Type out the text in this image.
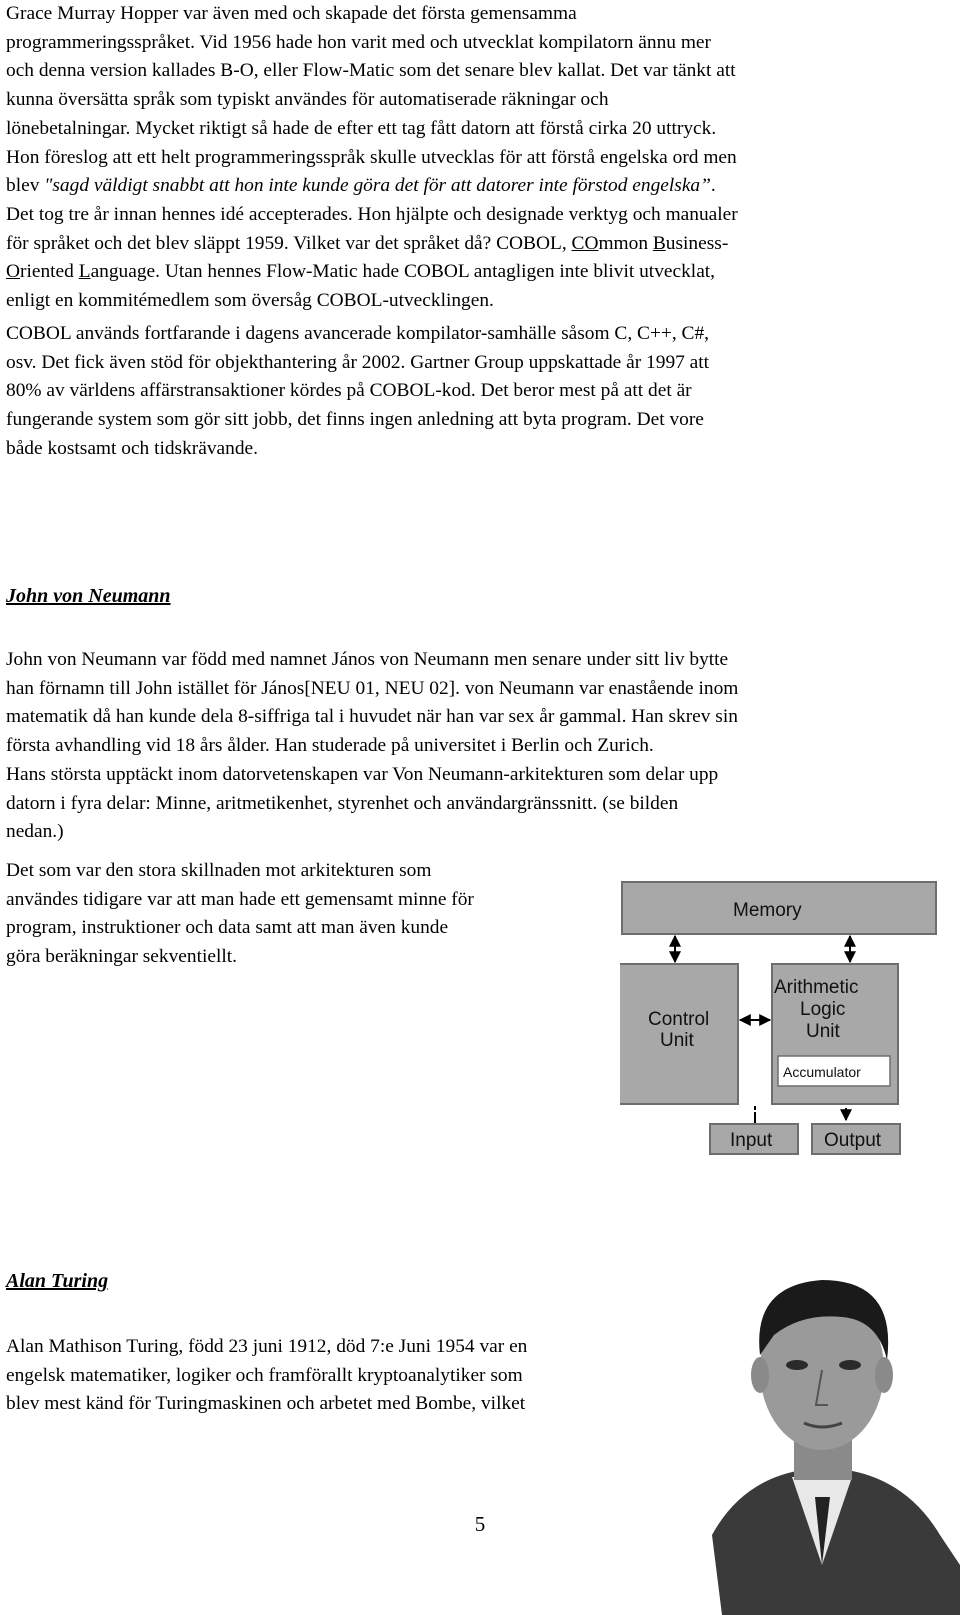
Grace Murray Hopper var även med och skapade det första gemensamma
programmeringsspråket. Vid 1956 hade hon varit med och utvecklat kompilatorn ännu mer
och denna version kallades B-O, eller Flow-Matic som det senare blev kallat. Det var tänkt att
kunna översätta språk som typiskt användes för automatiserade räkningar och
lönebetalningar. Mycket riktigt så hade de efter ett tag fått datorn att förstå cirka 20 uttryck.
Hon föreslog att ett helt programmeringsspråk skulle utvecklas för att förstå engelska ord men
blev "sagd väldigt snabbt att hon inte kunde göra det för att datorer inte förstod engelska”.
Det tog tre år innan hennes idé accepterades. Hon hjälpte och designade verktyg och manualer
för språket och det blev släppt 1959. Vilket var det språket då? COBOL, COmmon Business-
Oriented Language. Utan hennes Flow-Matic hade COBOL antagligen inte blivit utvecklat,
enligt en kommitémedlem som översåg COBOL-utvecklingen.

COBOL används fortfarande i dagens avancerade kompilator-samhälle såsom C, C++, C#,
osv. Det fick även stöd för objekthantering år 2002. Gartner Group uppskattade år 1997 att
80% av världens affärstransaktioner kördes på COBOL-kod. Det beror mest på att det är
fungerande system som gör sitt jobb, det finns ingen anledning att byta program. Det vore
både kostsamt och tidskrävande.

John von Neumann

John von Neumann var född med namnet János von Neumann men senare under sitt liv bytte
han förnamn till John istället för János[NEU 01, NEU 02]. von Neumann var enastående inom
matematik då han kunde dela 8-siffriga tal i huvudet när han var sex år gammal. Han skrev sin
första avhandling vid 18 års ålder. Han studerade på universitet i Berlin och Zurich.
Hans största upptäckt inom datorvetenskapen var Von Neumann-arkitekturen som delar upp
datorn i fyra delar: Minne, aritmetikenhet, styrenhet och användargränssnitt. (se bilden
nedan.)

Det som var den stora skillnaden mot arkitekturen som
användes tidigare var att man hade ett gemensamt minne för
program, instruktioner och data samt att man även kunde
göra beräkningar sekventiellt.

Memory
Control
Unit
Arithmetic
Logic
Unit
Accumulator
Input	Output

Alan Turing

Alan Mathison Turing, född 23 juni 1912, död 7:e Juni 1954 var en
engelsk matematiker, logiker och framförallt kryptoanalytiker som
blev mest känd för Turingmaskinen och arbetet med Bombe, vilket

5
